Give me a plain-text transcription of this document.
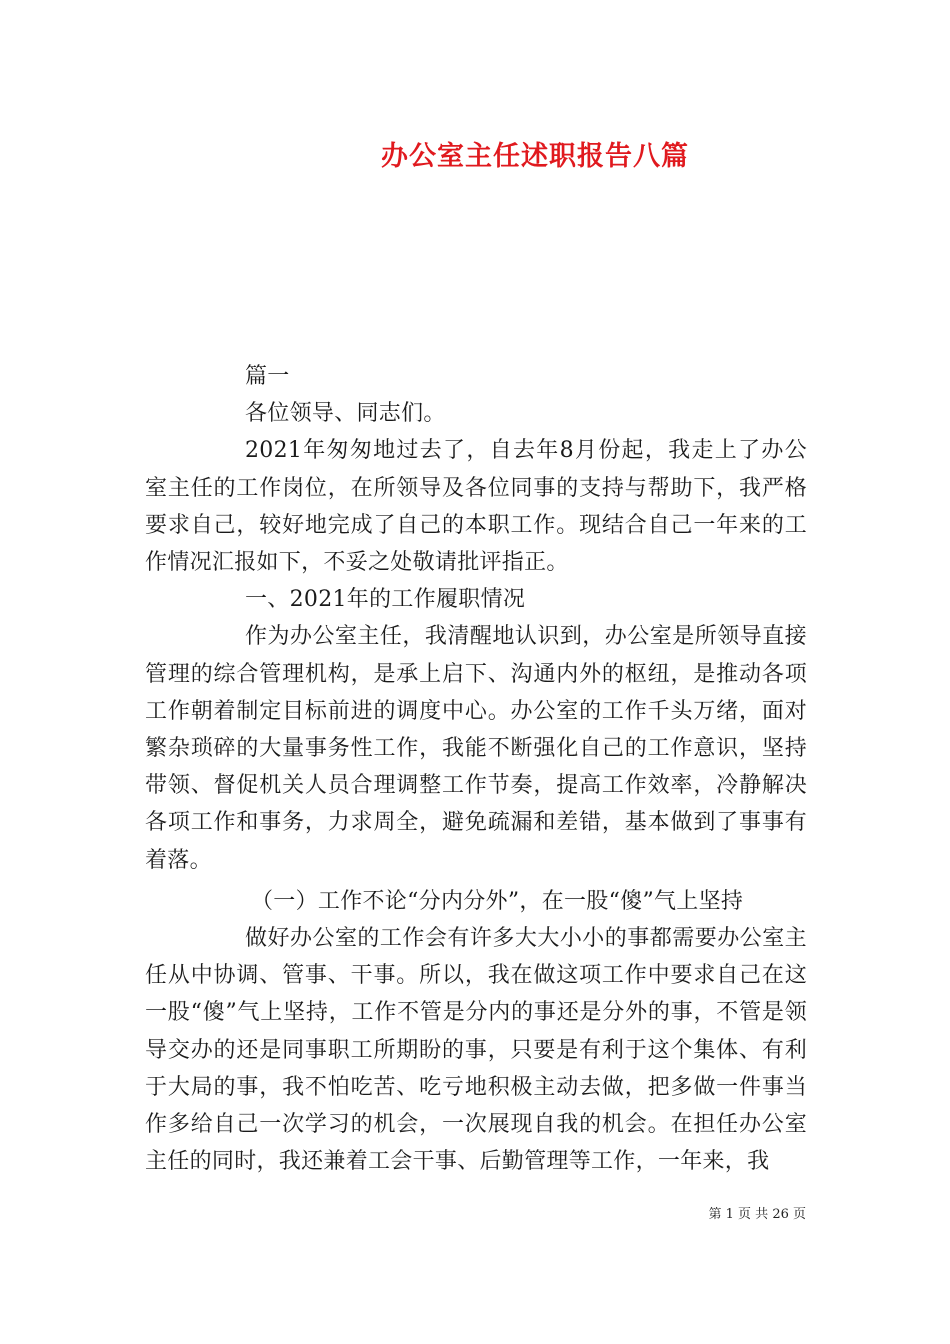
办公室主任述职报告八篇

篇一

各位领导、同志们。

2021年匆匆地过去了，自去年8月份起，我走上了办公室主任的工作岗位，在所领导及各位同事的支持与帮助下，我严格要求自己，较好地完成了自己的本职工作。现结合自己一年来的工作情况汇报如下，不妥之处敬请批评指正。

一、2021年的工作履职情况

作为办公室主任，我清醒地认识到，办公室是所领导直接管理的综合管理机构，是承上启下、沟通内外的枢纽，是推动各项工作朝着制定目标前进的调度中心。办公室的工作千头万绪，面对繁杂琐碎的大量事务性工作，我能不断强化自己的工作意识，坚持带领、督促机关人员合理调整工作节奏，提高工作效率，冷静解决各项工作和事务，力求周全，避免疏漏和差错，基本做到了事事有着落。

（一）工作不论“分内分外”，在一股“傻”气上坚持

做好办公室的工作会有许多大大小小的事都需要办公室主任从中协调、管事、干事。所以，我在做这项工作中要求自己在这一股“傻”气上坚持，工作不管是分内的事还是分外的事，不管是领导交办的还是同事职工所期盼的事，只要是有利于这个集体、有利于大局的事，我不怕吃苦、吃亏地积极主动去做，把多做一件事当作多给自己一次学习的机会，一次展现自我的机会。在担任办公室主任的同时，我还兼着工会干事、后勤管理等工作，一年来，我

第 1 页 共 26 页
